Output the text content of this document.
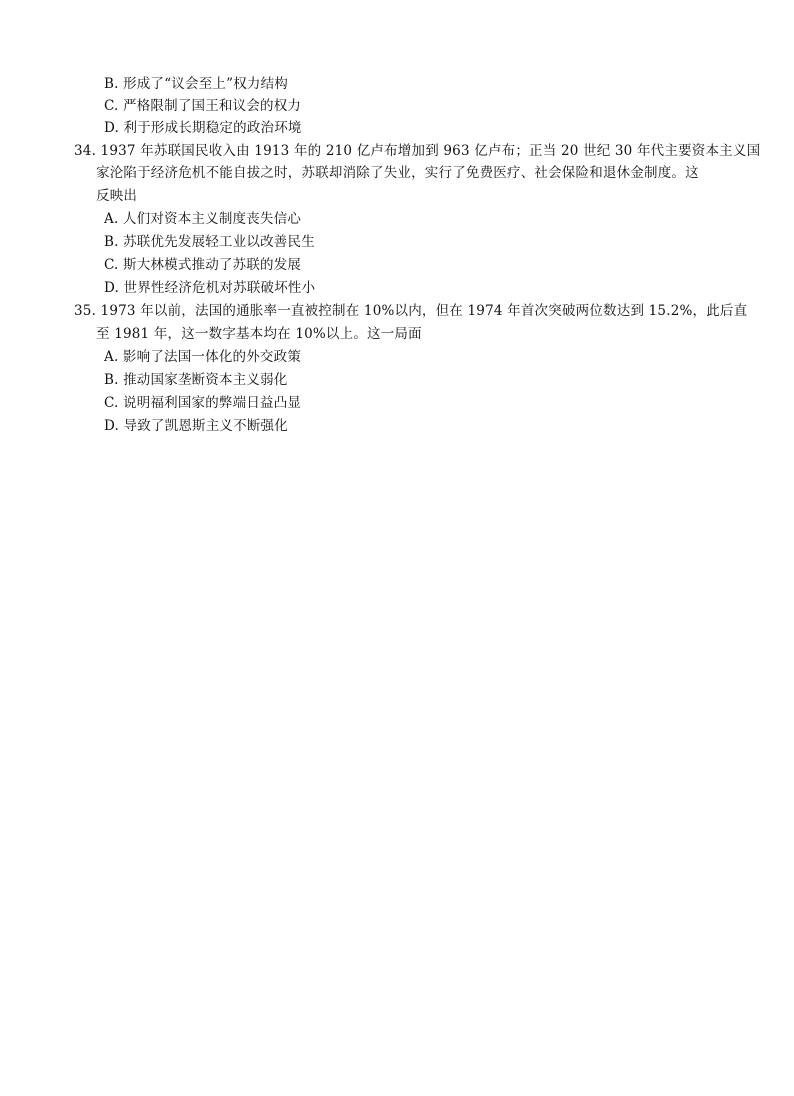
B. 形成了“议会至上”权力结构
C. 严格限制了国王和议会的权力
D. 利于形成长期稳定的政治环境
34. 1937 年苏联国民收入由 1913 年的 210 亿卢布增加到 963 亿卢布；正当 20 世纪 30 年代主要资本主义国
家沦陷于经济危机不能自拔之时，苏联却消除了失业，实行了免费医疗、社会保险和退休金制度。这
反映出
A. 人们对资本主义制度丧失信心
B. 苏联优先发展轻工业以改善民生
C. 斯大林模式推动了苏联的发展
D. 世界性经济危机对苏联破坏性小
35. 1973 年以前，法国的通胀率一直被控制在 10%以内，但在 1974 年首次突破两位数达到 15.2%，此后直
至 1981 年，这一数字基本均在 10%以上。这一局面
A. 影响了法国一体化的外交政策
B. 推动国家垄断资本主义弱化
C. 说明福利国家的弊端日益凸显
D. 导致了凯恩斯主义不断强化
